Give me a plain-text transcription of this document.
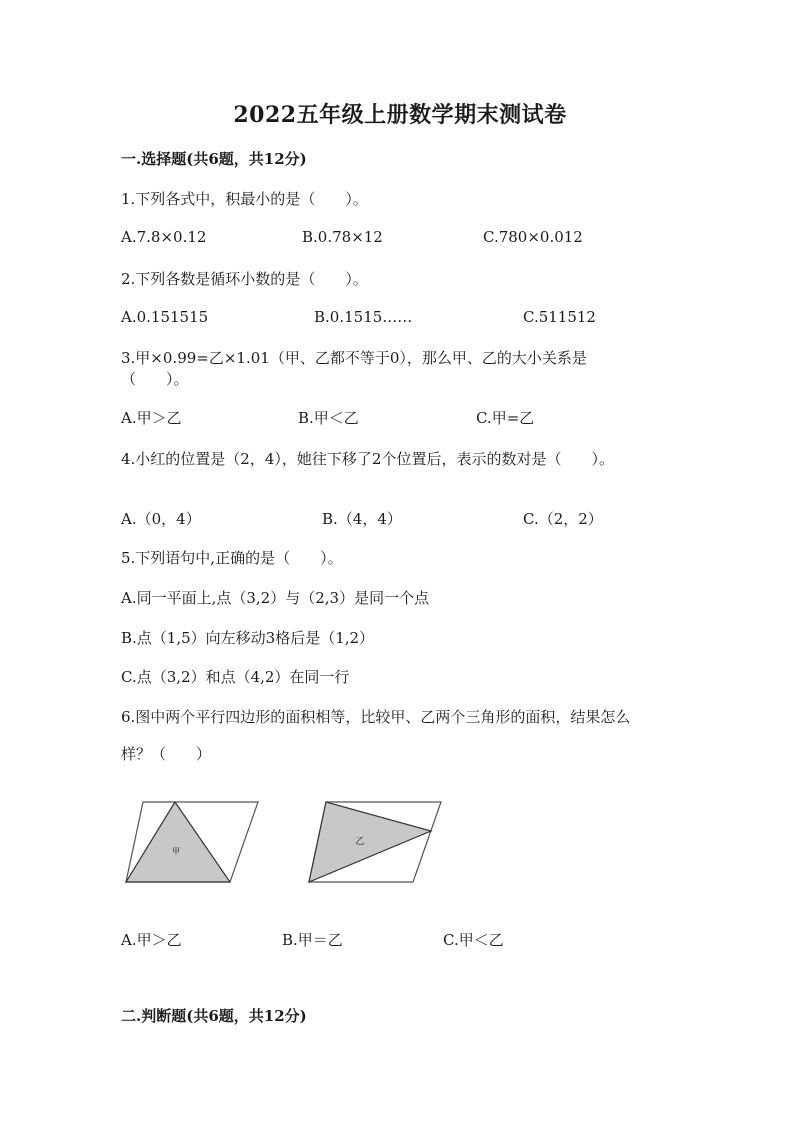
2022五年级上册数学期末测试卷
一.选择题(共6题，共12分)
1.下列各式中，积最小的是（　　）。
A.7.8×0.12	B.0.78×12	C.780×0.012
2.下列各数是循环小数的是（　　）。
A.0.151515	B.0.1515……	C.511512
3.甲×0.99=乙×1.01（甲、乙都不等于0），那么甲、乙的大小关系是
（　　）。
A.甲＞乙	B.甲＜乙	C.甲=乙
4.小红的位置是（2，4），她往下移了2个位置后，表示的数对是（　　）。
A.（0，4）	B.（4，4）	C.（2，2）
5.下列语句中,正确的是（　　）。
A.同一平面上,点（3,2）与（2,3）是同一个点
B.点（1,5）向左移动3格后是（1,2）
C.点（3,2）和点（4,2）在同一行
6.图中两个平行四边形的面积相等，比较甲、乙两个三角形的面积，结果怎么
样？（　　）
甲
乙
A.甲＞乙	B.甲＝乙	C.甲＜乙
二.判断题(共6题，共12分)
